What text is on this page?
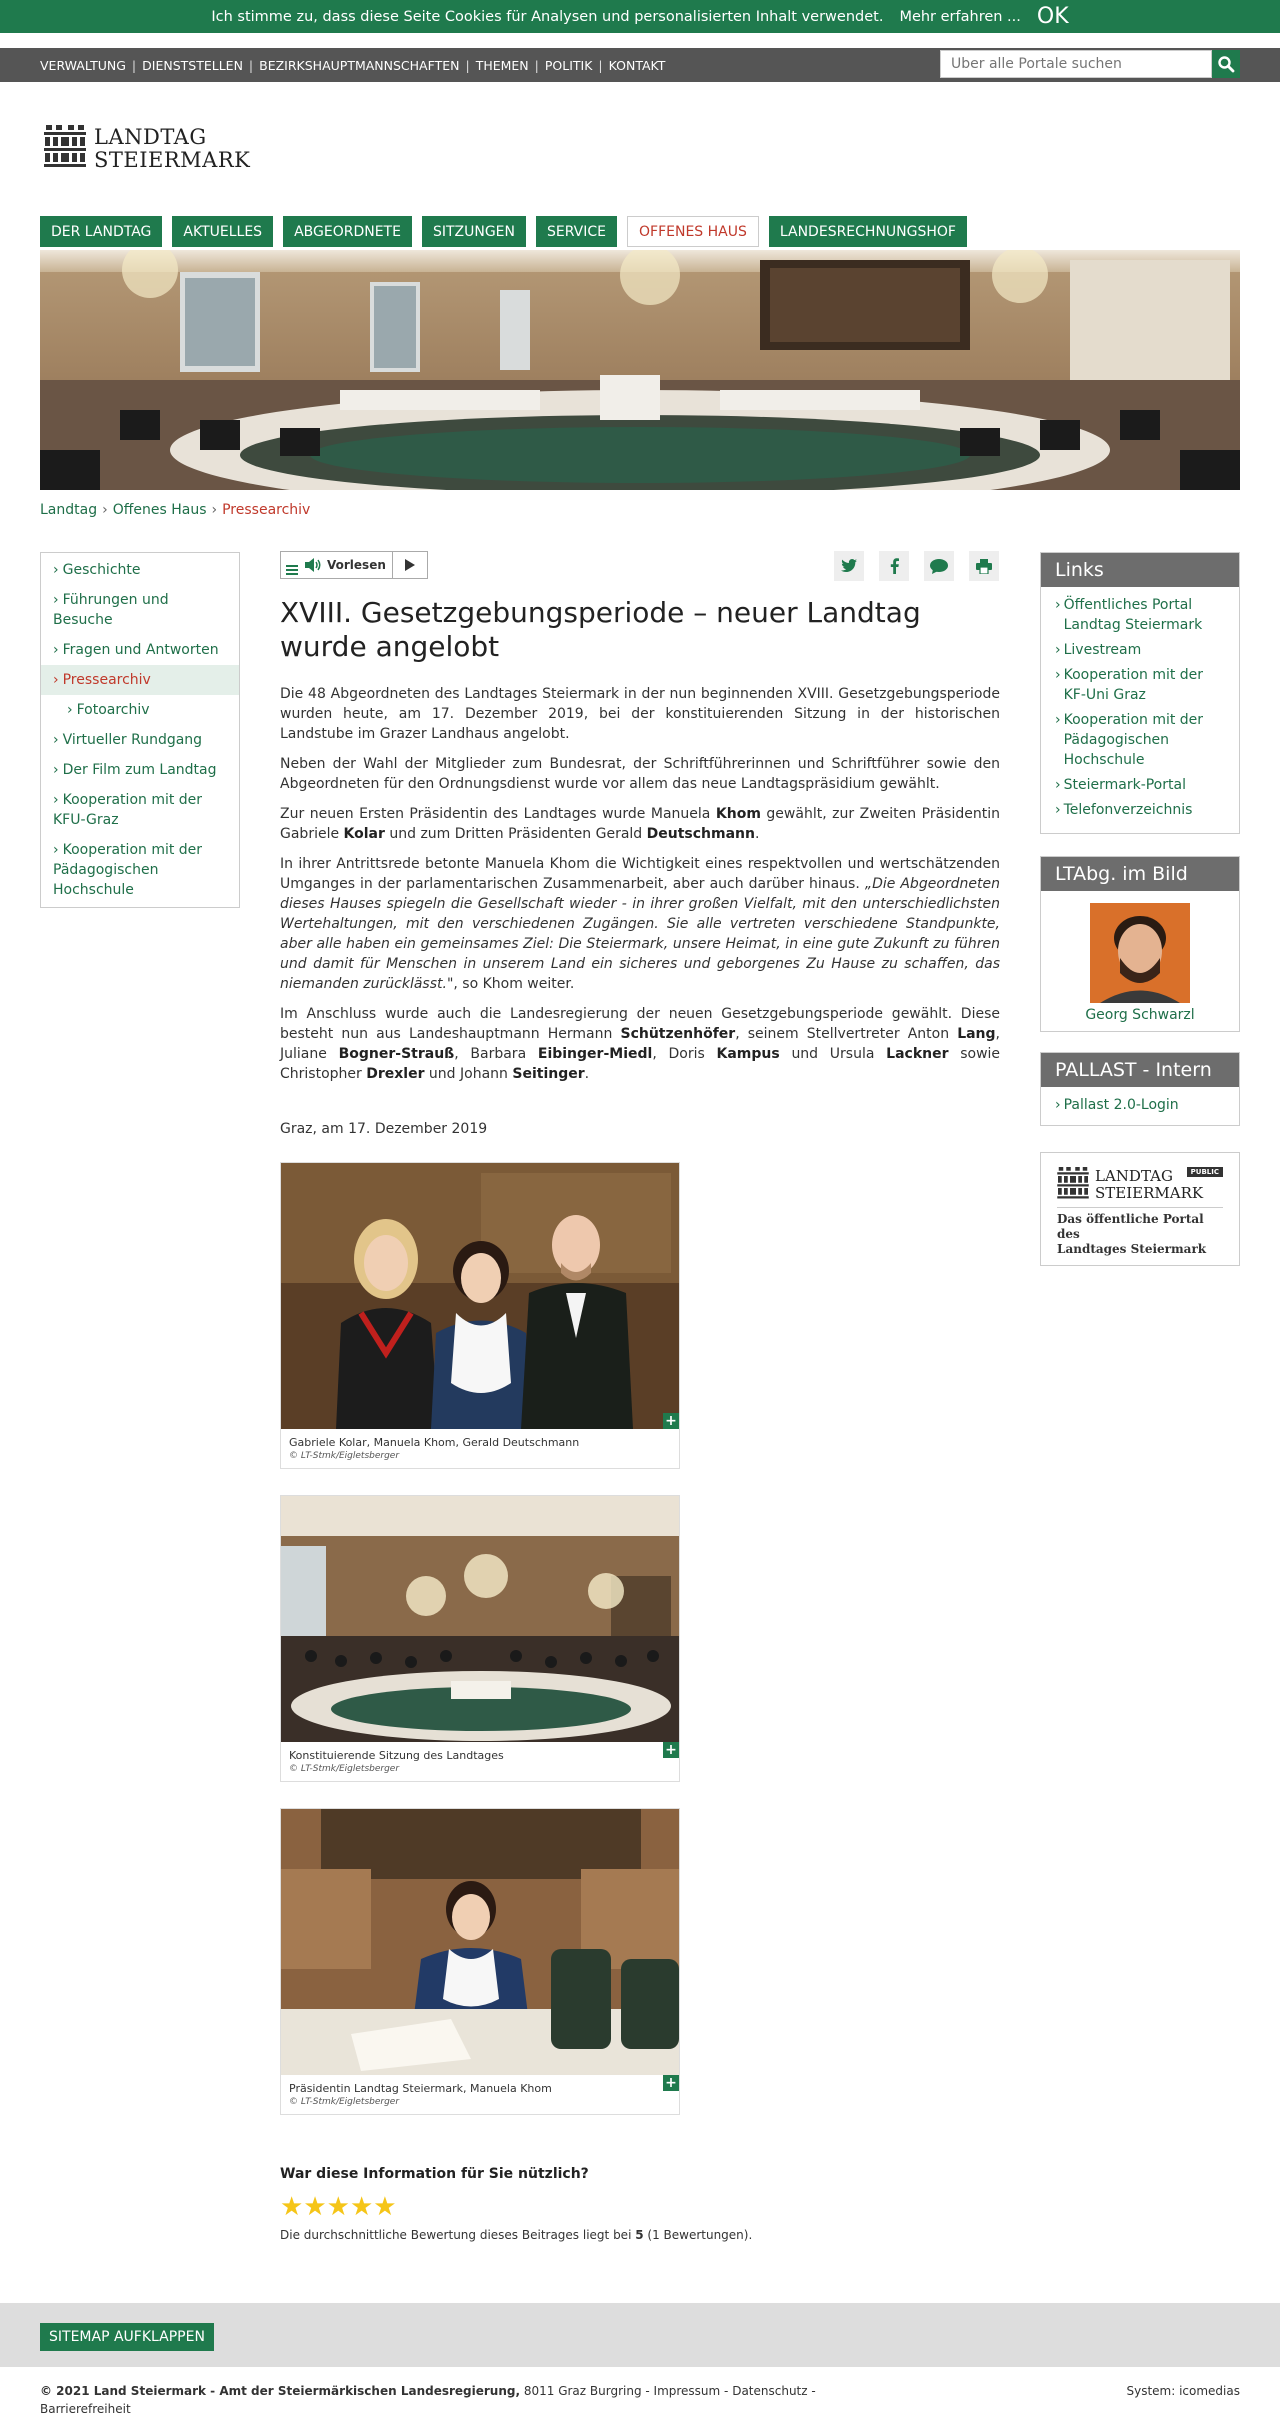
Ich stimme zu, dass diese Seite Cookies für Analysen und personalisierten Inhalt verwendet. Mehr erfahren ... OK
VERWALTUNG | DIENSTSTELLEN | BEZIRKSHAUPTMANNSCHAFTEN | THEMEN | POLITIK | KONTAKT
Über alle Portale suchen
LANDTAG
STEIERMARK
DER LANDTAG	AKTUELLES	ABGEORDNETE	SITZUNGEN	SERVICE	OFFENES HAUS	LANDESRECHNUNGSHOF
Landtag › Offenes Haus › Pressearchiv
› Geschichte
› Führungen und Besuche
› Fragen und Antworten
› Pressearchiv
› Fotoarchiv
› Virtueller Rundgang
› Der Film zum Landtag
› Kooperation mit der KFU-Graz
› Kooperation mit der Pädagogischen Hochschule
Vorlesen
XVIII. Gesetzgebungsperiode – neuer Landtag wurde angelobt

Die 48 Abgeordneten des Landtages Steiermark in der nun beginnenden XVIII. Gesetzgebungsperiode wurden heute, am 17. Dezember 2019, bei der konstituierenden Sitzung in der historischen Landstube im Grazer Landhaus angelobt.

Neben der Wahl der Mitglieder zum Bundesrat, der Schriftführerinnen und Schriftführer sowie den Abgeordneten für den Ordnungsdienst wurde vor allem das neue Landtagspräsidium gewählt.

Zur neuen Ersten Präsidentin des Landtages wurde Manuela Khom gewählt, zur Zweiten Präsidentin Gabriele Kolar und zum Dritten Präsidenten Gerald Deutschmann.

In ihrer Antrittsrede betonte Manuela Khom die Wichtigkeit eines respektvollen und wertschätzenden Umganges in der parlamentarischen Zusammenarbeit, aber auch darüber hinaus. „Die Abgeordneten dieses Hauses spiegeln die Gesellschaft wieder - in ihrer großen Vielfalt, mit den unterschiedlichsten Wertehaltungen, mit den verschiedenen Zugängen. Sie alle vertreten verschiedene Standpunkte, aber alle haben ein gemeinsames Ziel: Die Steiermark, unsere Heimat, in eine gute Zukunft zu führen und damit für Menschen in unserem Land ein sicheres und geborgenes Zu Hause zu schaffen, das niemanden zurücklässt.", so Khom weiter.

Im Anschluss wurde auch die Landesregierung der neuen Gesetzgebungsperiode gewählt. Diese besteht nun aus Landeshauptmann Hermann Schützenhöfer, seinem Stellvertreter Anton Lang, Juliane Bogner-Strauß, Barbara Eibinger-Miedl, Doris Kampus und Ursula Lackner sowie Christopher Drexler und Johann Seitinger.

Graz, am 17. Dezember 2019
+
Gabriele Kolar, Manuela Khom, Gerald Deutschmann
© LT-Stmk/Eigletsberger
+
Konstituierende Sitzung des Landtages
© LT-Stmk/Eigletsberger
+
Präsidentin Landtag Steiermark, Manuela Khom
© LT-Stmk/Eigletsberger
War diese Information für Sie nützlich?
★ ★ ★ ★ ★
Die durchschnittliche Bewertung dieses Beitrages liegt bei 5 (1 Bewertungen).
Links
› Öffentliches Portal Landtag Steiermark
› Livestream
› Kooperation mit der KF-Uni Graz
› Kooperation mit der Pädagogischen Hochschule
› Steiermark-Portal
› Telefonverzeichnis
LTAbg. im Bild
Georg Schwarzl
PALLAST - Intern
› Pallast 2.0-Login
LANDTAG
STEIERMARK
PUBLIC
Das öffentliche Portal des
Landtages Steiermark
SITEMAP AUFKLAPPEN
© 2021 Land Steiermark - Amt der Steiermärkischen Landesregierung, 8011 Graz Burgring - Impressum - Datenschutz -
Barrierefreiheit
System: icomedias
